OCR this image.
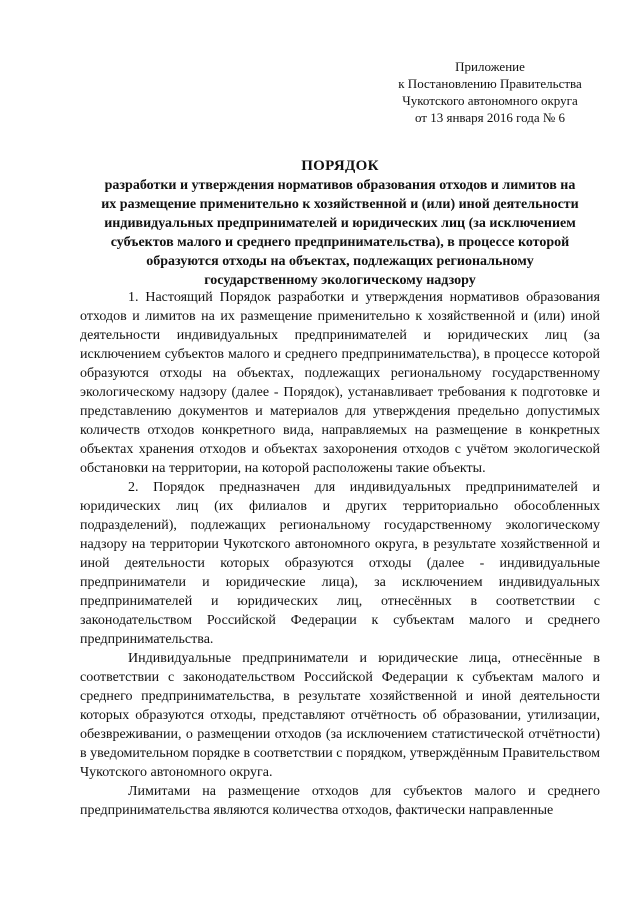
Приложение
к Постановлению Правительства
Чукотского автономного округа
от 13 января 2016 года № 6
ПОРЯДОК
разработки и утверждения нормативов образования отходов и лимитов на
их размещение применительно к хозяйственной и (или) иной деятельности
индивидуальных предпринимателей и юридических лиц (за исключением
субъектов малого и среднего предпринимательства), в процессе которой
образуются отходы на объектах, подлежащих региональному
государственному экологическому надзору

1. Настоящий Порядок разработки и утверждения нормативов образования отходов и лимитов на их размещение применительно к хозяйственной и (или) иной деятельности индивидуальных предпринимателей и юридических лиц (за исключением субъектов малого и среднего предпринимательства), в процессе которой образуются отходы на объектах, подлежащих региональному государственному экологическому надзору (далее - Порядок), устанавливает требования к подготовке и представлению документов и материалов для утверждения предельно допустимых количеств отходов конкретного вида, направляемых на размещение в конкретных объектах хранения отходов и объектах захоронения отходов с учётом экологической обстановки на территории, на которой расположены такие объекты.

2. Порядок предназначен для индивидуальных предпринимателей и юридических лиц (их филиалов и других территориально обособленных подразделений), подлежащих региональному государственному экологическому надзору на территории Чукотского автономного округа, в результате хозяйственной и иной деятельности которых образуются отходы (далее - индивидуальные предприниматели и юридические лица), за исключением индивидуальных предпринимателей и юридических лиц, отнесённых в соответствии с законодательством Российской Федерации к субъектам малого и среднего предпринимательства.

Индивидуальные предприниматели и юридические лица, отнесённые в соответствии с законодательством Российской Федерации к субъектам малого и среднего предпринимательства, в результате хозяйственной и иной деятельности которых образуются отходы, представляют отчётность об образовании, утилизации, обезвреживании, о размещении отходов (за исключением статистической отчётности) в уведомительном порядке в соответствии с порядком, утверждённым Правительством Чукотского автономного округа.

Лимитами на размещение отходов для субъектов малого и среднего предпринимательства являются количества отходов, фактически направленные
